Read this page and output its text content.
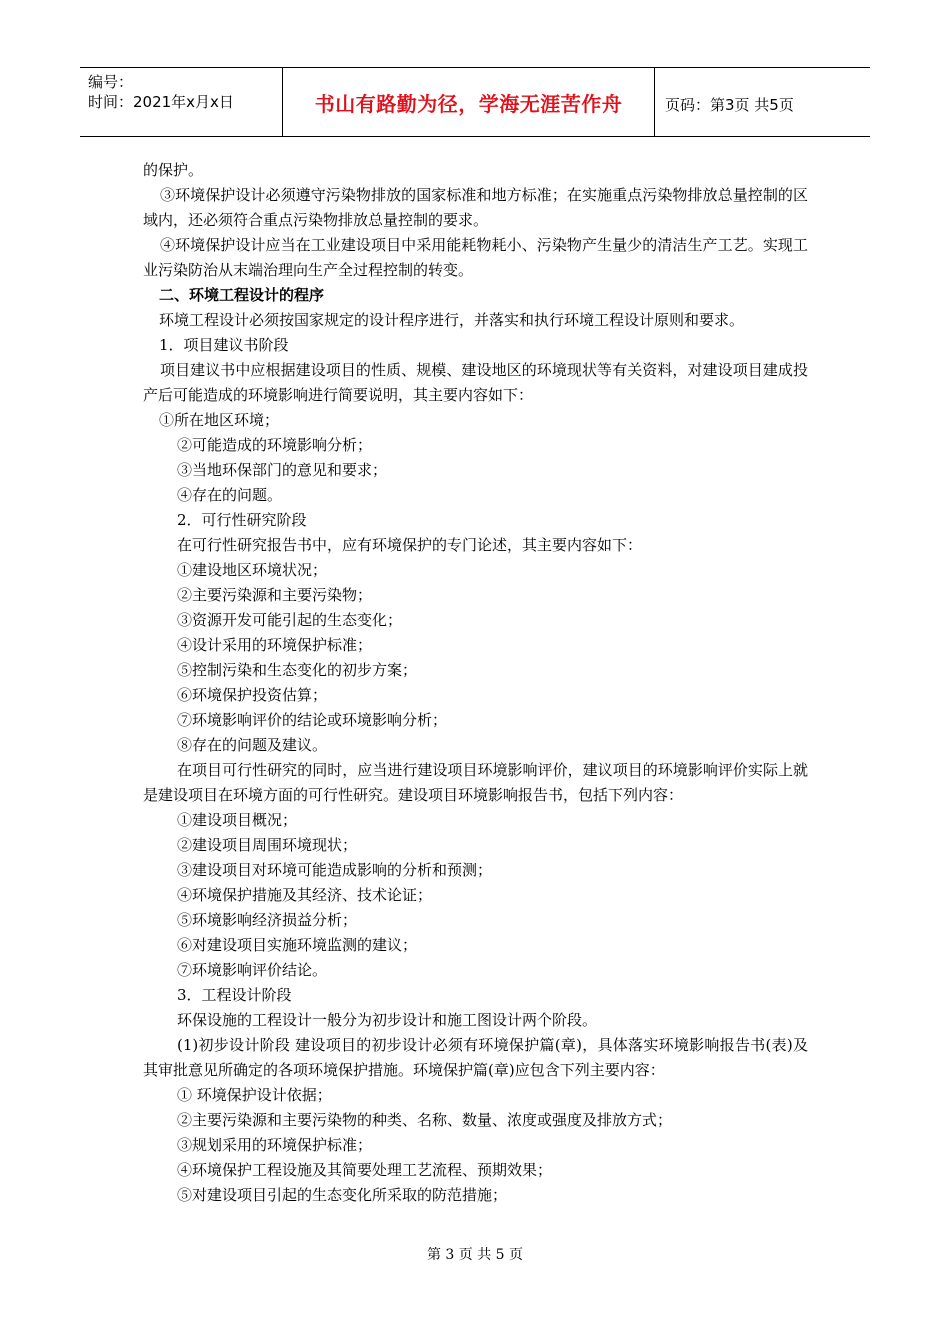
编号：
时间：2021年x月x日	书山有路勤为径，学海无涯苦作舟	页码：第3页 共5页

的保护。

③环境保护设计必须遵守污染物排放的国家标准和地方标准；在实施重点污染物排放总量控制的区域内，还必须符合重点污染物排放总量控制的要求。

④环境保护设计应当在工业建设项目中采用能耗物耗小、污染物产生量少的清洁生产工艺。实现工业污染防治从末端治理向生产全过程控制的转变。

二、环境工程设计的程序

环境工程设计必须按国家规定的设计程序进行，并落实和执行环境工程设计原则和要求。

1．项目建议书阶段

项目建议书中应根据建设项目的性质、规模、建设地区的环境现状等有关资料，对建设项目建成投产后可能造成的环境影响进行简要说明，其主要内容如下：

①所在地区环境；

②可能造成的环境影响分析；

③当地环保部门的意见和要求；

④存在的问题。

2．可行性研究阶段

在可行性研究报告书中，应有环境保护的专门论述，其主要内容如下：

①建设地区环境状况；

②主要污染源和主要污染物；

③资源开发可能引起的生态变化；

④设计采用的环境保护标准；

⑤控制污染和生态变化的初步方案；

⑥环境保护投资估算；

⑦环境影响评价的结论或环境影响分析；

⑧存在的问题及建议。

在项目可行性研究的同时，应当进行建设项目环境影响评价，建议项目的环境影响评价实际上就是建设项目在环境方面的可行性研究。建设项目环境影响报告书，包括下列内容：

①建设项目概况；

②建设项目周围环境现状；

③建设项目对环境可能造成影响的分析和预测；

④环境保护措施及其经济、技术论证；

⑤环境影响经济损益分析；

⑥对建设项目实施环境监测的建议；

⑦环境影响评价结论。

3．工程设计阶段

环保设施的工程设计一般分为初步设计和施工图设计两个阶段。

(1)初步设计阶段 建设项目的初步设计必须有环境保护篇(章)，具体落实环境影响报告书(表)及其审批意见所确定的各项环境保护措施。环境保护篇(章)应包含下列主要内容：

① 环境保护设计依据；

②主要污染源和主要污染物的种类、名称、数量、浓度或强度及排放方式；

③规划采用的环境保护标准；

④环境保护工程设施及其简要处理工艺流程、预期效果；

⑤对建设项目引起的生态变化所采取的防范措施；

第 3 页 共 5 页
